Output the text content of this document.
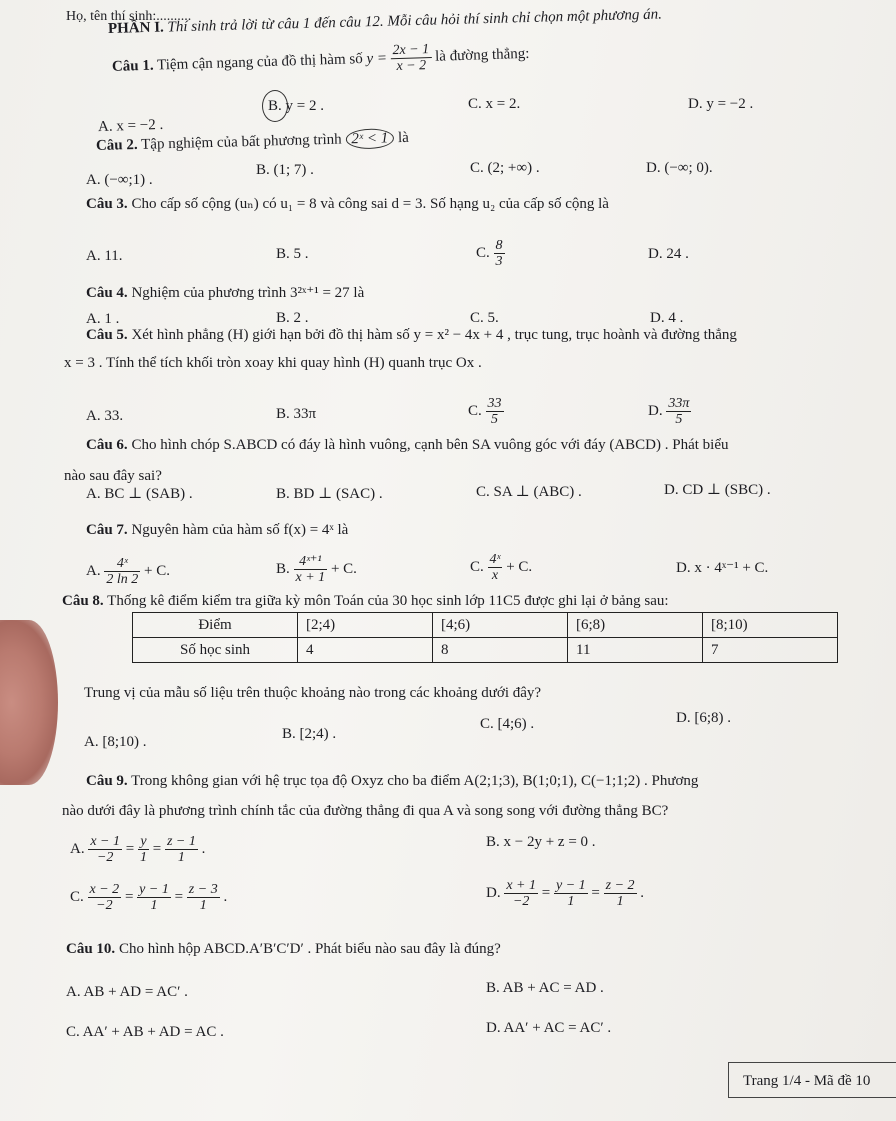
Họ, tên thí sinh:..........
PHẦN I. Thí sinh trả lời từ câu 1 đến câu 12. Mỗi câu hỏi thí sinh chỉ chọn một phương án.
Câu 1. Tiệm cận ngang của đồ thị hàm số $y = \frac{2x - 1}{x - 2}$ là đường thẳng:
A. x = −2 .
B. y = 2 .	C. x = 2.	D. y = −2 .
Câu 2. Tập nghiệm của bất phương trình 2ˣ < 1 là
A. (−∞;1) .
B. (1; 7) .	C. (2; +∞) .	D. (−∞; 0).
Câu 3. Cho cấp số cộng (uₙ) có u₁ = 8 và công sai d = 3. Số hạng u₂ của cấp số cộng là
A. 11.	B. 5 .	C. $\frac{8}{3}$	D. 24 .
Câu 4. Nghiệm của phương trình 3²ˣ⁺¹ = 27 là
A. 1 .	B. 2 .	C. 5.	D. 4 .
Câu 5. Xét hình phẳng (H) giới hạn bởi đồ thị hàm số y = x² − 4x + 4 , trục tung, trục hoành và đường thẳng
x = 3 . Tính thể tích khối tròn xoay khi quay hình (H) quanh trục Ox .
A. 33.	B. 33π	C. $\frac{33}{5}$	D. $\frac{33\pi}{5}$
Câu 6. Cho hình chóp S.ABCD có đáy là hình vuông, cạnh bên SA vuông góc với đáy (ABCD) . Phát biểu
nào sau đây sai?
A. BC ⊥ (SAB) .	B. BD ⊥ (SAC) .	C. SA ⊥ (ABC) .	D. CD ⊥ (SBC) .
Câu 7. Nguyên hàm của hàm số f(x) = 4ˣ là
A. $\frac{\text{4ˣ}}{2 \ln 2} + C$.	B. $\frac{\text{4ˣ⁺¹}}{x + 1} + C$.	C. $\frac{\text{4ˣ}}{x} + C$.	D. x · 4ˣ⁻¹ + C.
Câu 8. Thống kê điểm kiểm tra giữa kỳ môn Toán của 30 học sinh lớp 11C5 được ghi lại ở bảng sau:
Điểm	[2;4)	[4;6)	[6;8)	[8;10)
Số học sinh	4	8	11	7
Trung vị của mẫu số liệu trên thuộc khoảng nào trong các khoảng dưới đây?
A. [8;10) .	B. [2;4) .
C. [4;6) .	D. [6;8) .
Câu 9. Trong không gian với hệ trục tọa độ Oxyz cho ba điểm A(2;1;3), B(1;0;1), C(−1;1;2) . Phương
nào dưới đây là phương trình chính tắc của đường thẳng đi qua A và song song với đường thẳng BC?
A. $\frac{x - 1}{-2} = \frac{y}{1} = \frac{z - 1}{1}$ .	B. x − 2y + z = 0 .
C. $\frac{x - 2}{-2} = \frac{y - 1}{1} = \frac{z - 3}{1}$ .	D. $\frac{x + 1}{-2} = \frac{y - 1}{1} = \frac{z - 2}{1}$ .
Câu 10. Cho hình hộp ABCD.A′B′C′D′ . Phát biểu nào sau đây là đúng?
A. AB + AD = AC′ .	B. AB + AC = AD .
C. AA′ + AB + AD = AC .	D. AA′ + AC = AC′ .
Trang 1/4 - Mã đề 10
